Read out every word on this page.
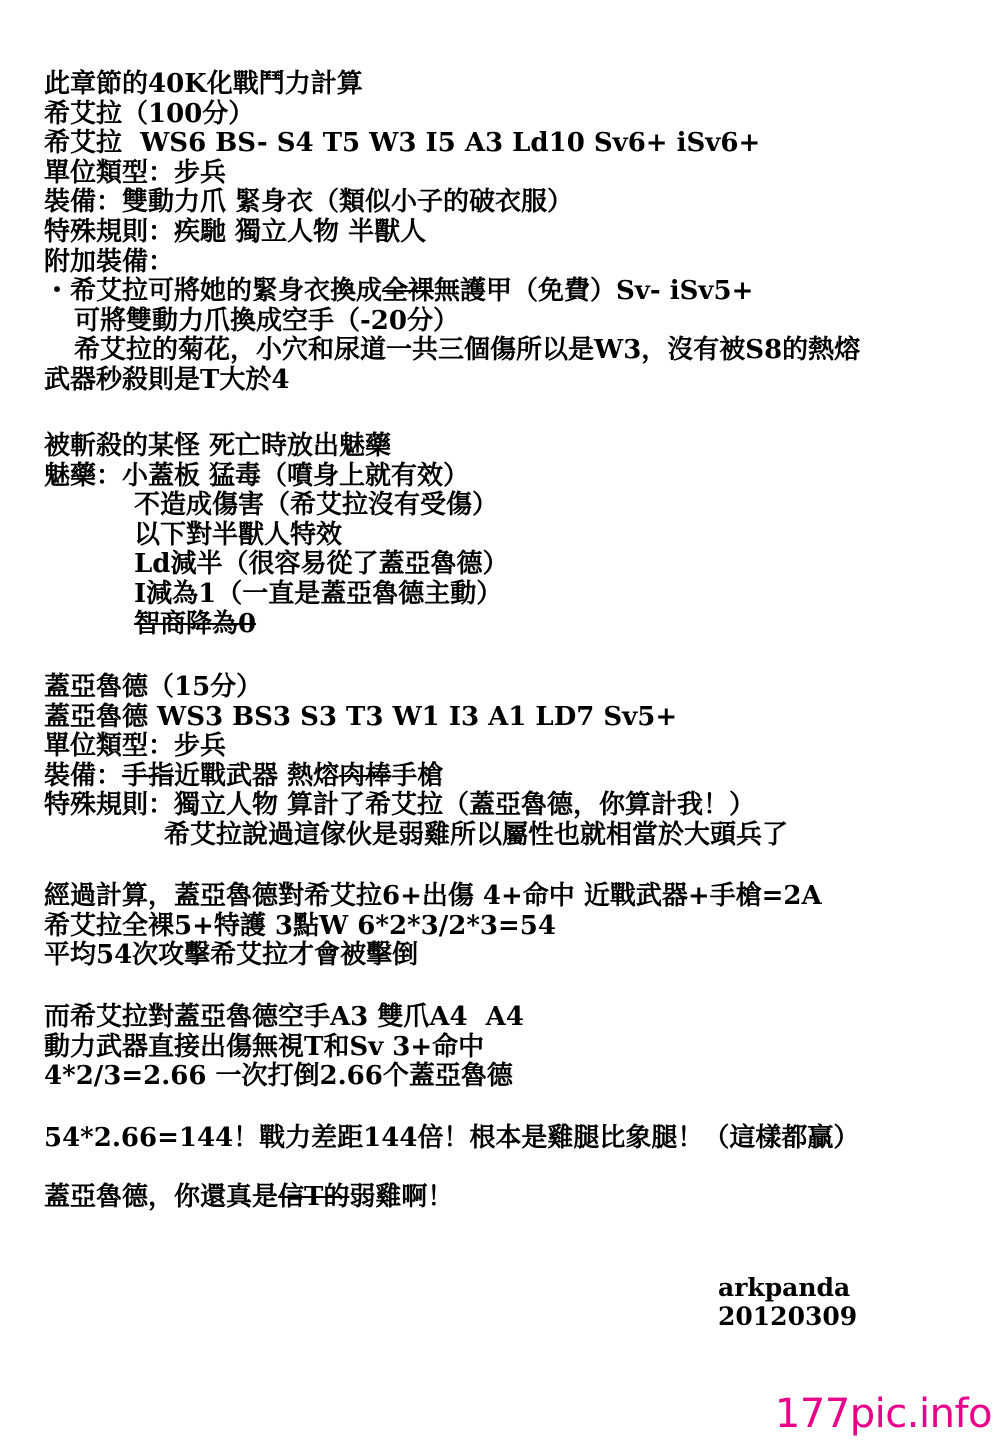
此章節的40K化戰鬥力計算
希艾拉（100分）
希艾拉  WS6 BS- S4 T5 W3 I5 A3 Ld10 Sv6+ iSv6+
單位類型：步兵
裝備：雙動力爪 緊身衣（類似小子的破衣服）
特殊規則：疾馳 獨立人物 半獸人
附加裝備：
・希艾拉可將她的緊身衣換成全裸無護甲（免費）Sv- iSv5+
可將雙動力爪換成空手（-20分）
希艾拉的菊花，小穴和尿道一共三個傷所以是W3，沒有被S8的熱熔
武器秒殺則是T大於4
被斬殺的某怪 死亡時放出魅藥
魅藥：小蓋板 猛毒（噴身上就有效）
不造成傷害（希艾拉沒有受傷）
以下對半獸人特效
Ld減半（很容易從了蓋亞魯德）
I減為1（一直是蓋亞魯德主動）
智商降為0
蓋亞魯德（15分）
蓋亞魯德 WS3 BS3 S3 T3 W1 I3 A1 LD7 Sv5+
單位類型：步兵
裝備：手指近戰武器 熱熔肉棒手槍
特殊規則：獨立人物 算計了希艾拉（蓋亞魯德，你算計我！）
希艾拉說過這傢伙是弱雞所以屬性也就相當於大頭兵了
經過計算，蓋亞魯德對希艾拉6+出傷 4+命中 近戰武器+手槍=2A
希艾拉全裸5+特護 3點W 6*2*3/2*3=54
平均54次攻擊希艾拉才會被擊倒
而希艾拉對蓋亞魯德空手A3 雙爪A4  A4
動力武器直接出傷無視T和Sv 3+命中
4*2/3=2.66 一次打倒2.66个蓋亞魯德
54*2.66=144！戰力差距144倍！根本是雞腿比象腿！（這樣都贏）
蓋亞魯德，你還真是信T的弱雞啊！
arkpanda
20120309
177pic.info
